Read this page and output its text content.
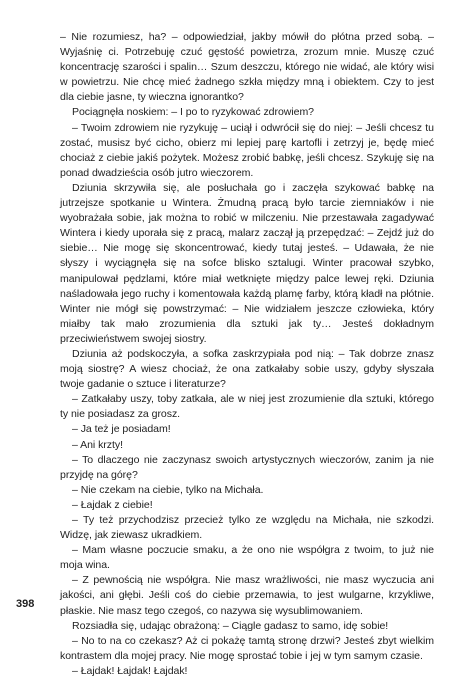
– Nie rozumiesz, ha? – odpowiedział, jakby mówił do płótna przed sobą. – Wyjaśnię ci. Potrzebuję czuć gęstość powietrza, zrozum mnie. Muszę czuć koncentrację szarości i spalin… Szum deszczu, którego nie widać, ale który wisi w powietrzu. Nie chcę mieć żadnego szkła między mną i obiektem. Czy to jest dla ciebie jasne, ty wieczna ignorantko?

Pociągnęła noskiem: – I po to ryzykować zdrowiem?

– Twoim zdrowiem nie ryzykuję – uciął i odwrócił się do niej: – Jeśli chcesz tu zostać, musisz być cicho, obierz mi lepiej parę kartofli i zetrzyj je, będę mieć chociaż z ciebie jakiś pożytek. Możesz zrobić babkę, jeśli chcesz. Szykuję się na ponad dwadzieścia osób jutro wieczorem.

Dziunia skrzywiła się, ale posłuchała go i zaczęła szykować babkę na jutrzejsze spotkanie u Wintera. Żmudną pracą było tarcie ziemniaków i nie wyobrażała sobie, jak można to robić w milczeniu. Nie przestawała zagadywać Wintera i kiedy uporała się z pracą, malarz zaczął ją przepędzać: – Zejdź już do siebie… Nie mogę się skoncentrować, kiedy tutaj jesteś. – Udawała, że nie słyszy i wyciągnęła się na sofce blisko sztalugi. Winter pracował szybko, manipulował pędzlami, które miał wetknięte między palce lewej ręki. Dziunia naśladowała jego ruchy i komentowała każdą plamę farby, którą kładł na płótnie. Winter nie mógł się powstrzymać: – Nie widziałem jeszcze człowieka, który miałby tak mało zrozumienia dla sztuki jak ty… Jesteś dokładnym przeciwieństwem swojej siostry.

Dziunia aż podskoczyła, a sofka zaskrzypiała pod nią: – Tak dobrze znasz moją siostrę? A wiesz chociaż, że ona zatkałaby sobie uszy, gdyby słyszała twoje gadanie o sztuce i literaturze?

– Zatkałaby uszy, toby zatkała, ale w niej jest zrozumienie dla sztuki, którego ty nie posiadasz za grosz.

– Ja też je posiadam!

– Ani krzty!

– To dlaczego nie zaczynasz swoich artystycznych wieczorów, zanim ja nie przyjdę na górę?

– Nie czekam na ciebie, tylko na Michała.

– Łajdak z ciebie!

– Ty też przychodzisz przecież tylko ze względu na Michała, nie szkodzi. Widzę, jak ziewasz ukradkiem.

– Mam własne poczucie smaku, a że ono nie współgra z twoim, to już nie moja wina.

– Z pewnością nie współgra. Nie masz wrażliwości, nie masz wyczucia ani jakości, ani głębi. Jeśli coś do ciebie przemawia, to jest wulgarne, krzykliwe, płaskie. Nie masz tego czegoś, co nazywa się wysublimowaniem.

Rozsiadła się, udając obrażoną: – Ciągle gadasz to samo, idę sobie!

– No to na co czekasz? Aż ci pokażę tamtą stronę drzwi? Jesteś zbyt wielkim kontrastem dla mojej pracy. Nie mogę sprostać tobie i jej w tym samym czasie.

– Łajdak! Łajdak! Łajdak!

398
